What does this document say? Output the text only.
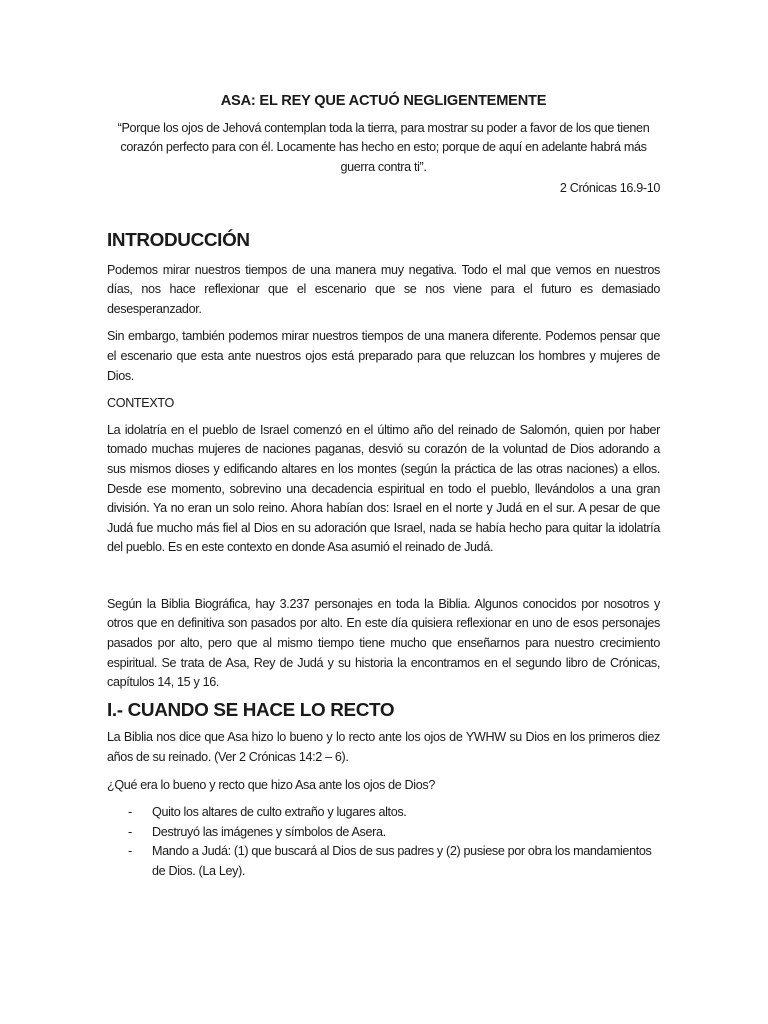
ASA: EL REY QUE ACTUÓ NEGLIGENTEMENTE

“Porque los ojos de Jehová contemplan toda la tierra, para mostrar su poder a favor de los que tienen corazón perfecto para con él. Locamente has hecho en esto; porque de aquí en adelante habrá más guerra contra ti”.

2 Crónicas 16.9-10

INTRODUCCIÓN

Podemos mirar nuestros tiempos de una manera muy negativa. Todo el mal que vemos en nuestros días, nos hace reflexionar que el escenario que se nos viene para el futuro es demasiado desesperanzador.

Sin embargo, también podemos mirar nuestros tiempos de una manera diferente. Podemos pensar que el escenario que esta ante nuestros ojos está preparado para que reluzcan los hombres y mujeres de Dios.

CONTEXTO

La idolatría en el pueblo de Israel comenzó en el último año del reinado de Salomón, quien por haber tomado muchas mujeres de naciones paganas, desvió su corazón de la voluntad de Dios adorando a sus mismos dioses y edificando altares en los montes (según la práctica de las otras naciones) a ellos. Desde ese momento, sobrevino una decadencia espiritual en todo el pueblo, llevándolos a una gran división. Ya no eran un solo reino. Ahora habían dos: Israel en el norte y Judá en el sur. A pesar de que Judá fue mucho más fiel al Dios en su adoración que Israel, nada se había hecho para quitar la idolatría del pueblo. Es en este contexto en donde Asa asumió el reinado de Judá.

Según la Biblia Biográfica, hay 3.237 personajes en toda la Biblia. Algunos conocidos por nosotros y otros que en definitiva son pasados por alto. En este día quisiera reflexionar en uno de esos personajes pasados por alto, pero que al mismo tiempo tiene mucho que enseñarnos para nuestro crecimiento espiritual. Se trata de Asa, Rey de Judá y su historia la encontramos en el segundo libro de Crónicas, capítulos 14, 15 y 16.

I.- CUANDO SE HACE LO RECTO

La Biblia nos dice que Asa hizo lo bueno y lo recto ante los ojos de YWHW su Dios en los primeros diez años de su reinado. (Ver 2 Crónicas 14:2 – 6).

¿Qué era lo bueno y recto que hizo Asa ante los ojos de Dios?

- Quito los altares de culto extraño y lugares altos.
- Destruyó las imágenes y símbolos de Asera.
- Mando a Judá: (1) que buscará al Dios de sus padres y (2) pusiese por obra los mandamientos de Dios. (La Ley).
